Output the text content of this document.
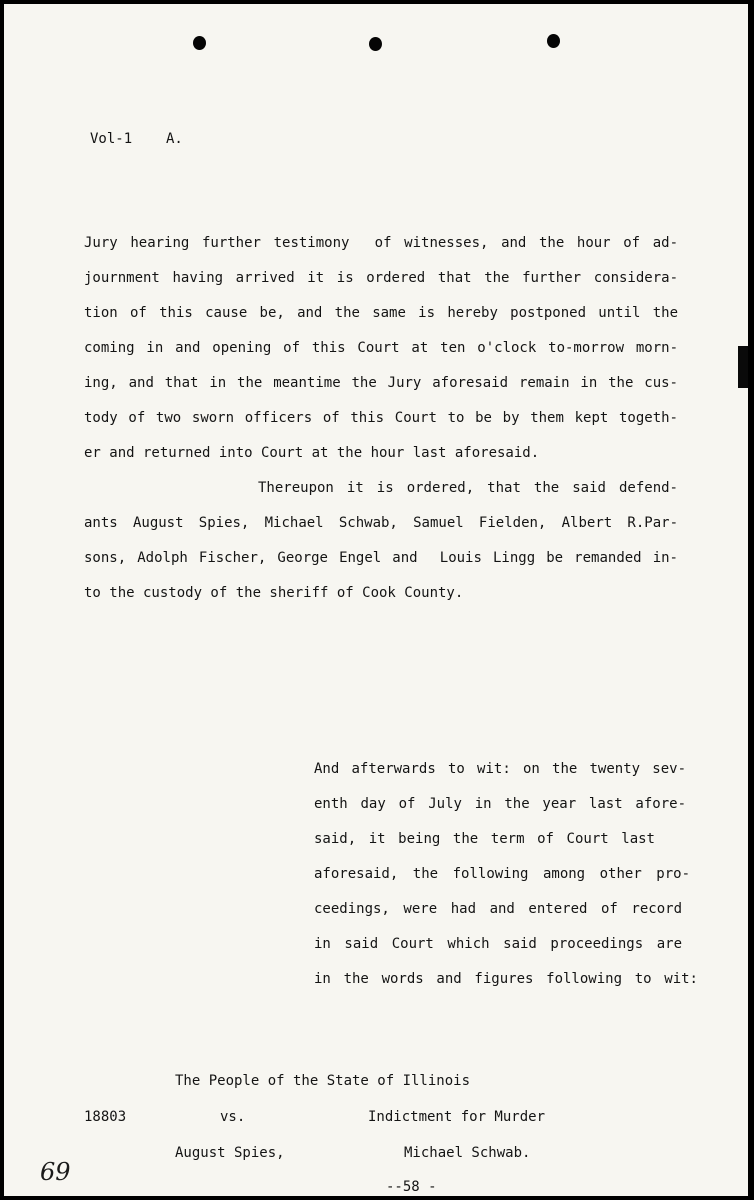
Vol-1 A.
Jury hearing further testimony  of witnesses, and the hour of ad-
journment having arrived it is ordered that the further considera-
tion of this cause be, and the same is hereby postponed until the
coming in and opening of this Court at ten o'clock to-morrow morn-
ing, and that in the meantime the Jury aforesaid remain in the cus-
tody of two sworn officers of this Court to be by them kept togeth-
er and returned into Court at the hour last aforesaid.
Thereupon it is ordered, that the said defend-
ants August Spies, Michael Schwab, Samuel Fielden, Albert R.Par-
sons, Adolph Fischer, George Engel and  Louis Lingg be remanded in-
to the custody of the sheriff of Cook County.
And afterwards to wit: on the twenty sev-
enth day of July in the year last afore-
said, it being the term of Court last
aforesaid, the following among other pro-
ceedings, were had and entered of record
in said Court which said proceedings are
in the words and figures following to wit:
The People of the State of Illinois
18803	vs.	Indictment for Murder
August Spies,	Michael Schwab.
--58 -
69
